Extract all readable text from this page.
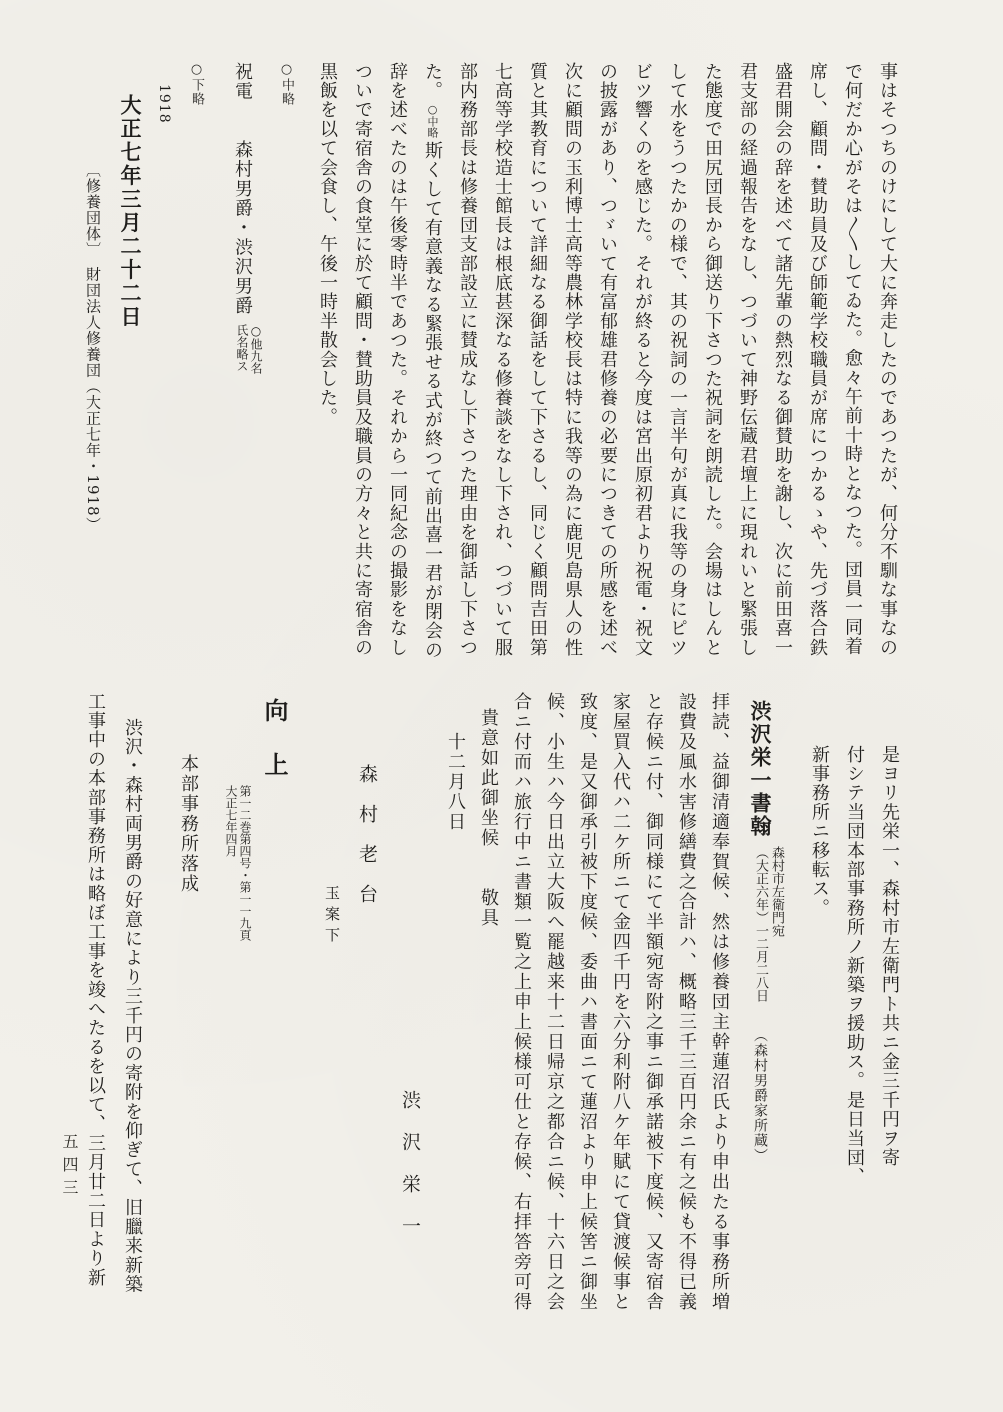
事はそつちのけにして大に奔走したのであつたが、何分不馴な事なの
で何だか心がそは〳〵してゐた。愈々午前十時となつた。団員一同着
席し、顧問・賛助員及び師範学校職員が席につかるゝや、先づ落合鉄
盛君開会の辞を述べて諸先輩の熱烈なる御賛助を謝し、次に前田喜一
君支部の経過報告をなし、つづいて神野伝蔵君壇上に現れいと緊張し
た態度で田尻団長から御送り下さつた祝詞を朗読した。会場はしんと
して水をうつたかの様で、其の祝詞の一言半句が真に我等の身にピツ
ビツ響くのを感じた。それが終ると今度は宮出原初君より祝電・祝文
の披露があり、つゞいて有富郁雄君修養の必要につきての所感を述べ
次に顧問の玉利博士高等農林学校長は特に我等の為に鹿児島県人の性
質と其教育について詳細なる御話をして下さるし、同じく顧問吉田第
七高等学校造士館長は根底甚深なる修養談をなし下され、つづいて服
部内務部長は修養団支部設立に賛成なし下さつた理由を御話し下さつ
た。○中略斯くして有意義なる緊張せる式が終つて前出喜一君が閉会の
辞を述べたのは午後零時半であつた。それから一同紀念の撮影をなし
ついで寄宿舎の食堂に於て顧問・賛助員及職員の方々と共に寄宿舎の
黒飯を以て会食し、午後一時半散会した。
○中略
祝電　　森村男爵・渋沢男爵
○他九名
氏名略ス
○下略
1918
大正七年三月二十二日
〔修養団体〕　財団法人修養団（大正七年・1918）
是ヨリ先栄一、森村市左衛門ト共ニ金三千円ヲ寄
付シテ当団本部事務所ノ新築ヲ援助ス。是日当団、
新事務所ニ移転ス。
渋沢栄一書翰
森村市左衛門宛
（大正六年）一二月二八日
（森村男爵家所蔵）
拝読、益御清適奉賀候、然は修養団主幹蓮沼氏より申出たる事務所増
設費及風水害修繕費之合計ハ、概略三千三百円余ニ有之候も不得已義
と存候ニ付、御同様にて半額宛寄附之事ニ御承諾被下度候、又寄宿舎
家屋買入代ハ二ケ所ニて金四千円を六分利附八ケ年賦にて貸渡候事と
致度、是又御承引被下度候、委曲ハ書面ニて蓮沼より申上候筈ニ御坐
候、小生ハ今日出立大阪へ罷越来十二日帰京之都合ニ候、十六日之会
合ニ付而ハ旅行中ニ書類一覧之上申上候様可仕と存候、右拝答旁可得
貴意如此御坐候　　敬具
十二月八日
渋沢栄一
森村老台
玉案下
向　上
第一二巻第四号・第一一九頁
大正七年四月
本部事務所落成
渋沢・森村両男爵の好意により三千円の寄附を仰ぎて、旧臘来新築
工事中の本部事務所は略ぼ工事を竣へたるを以て、三月廿二日より新
五四三
